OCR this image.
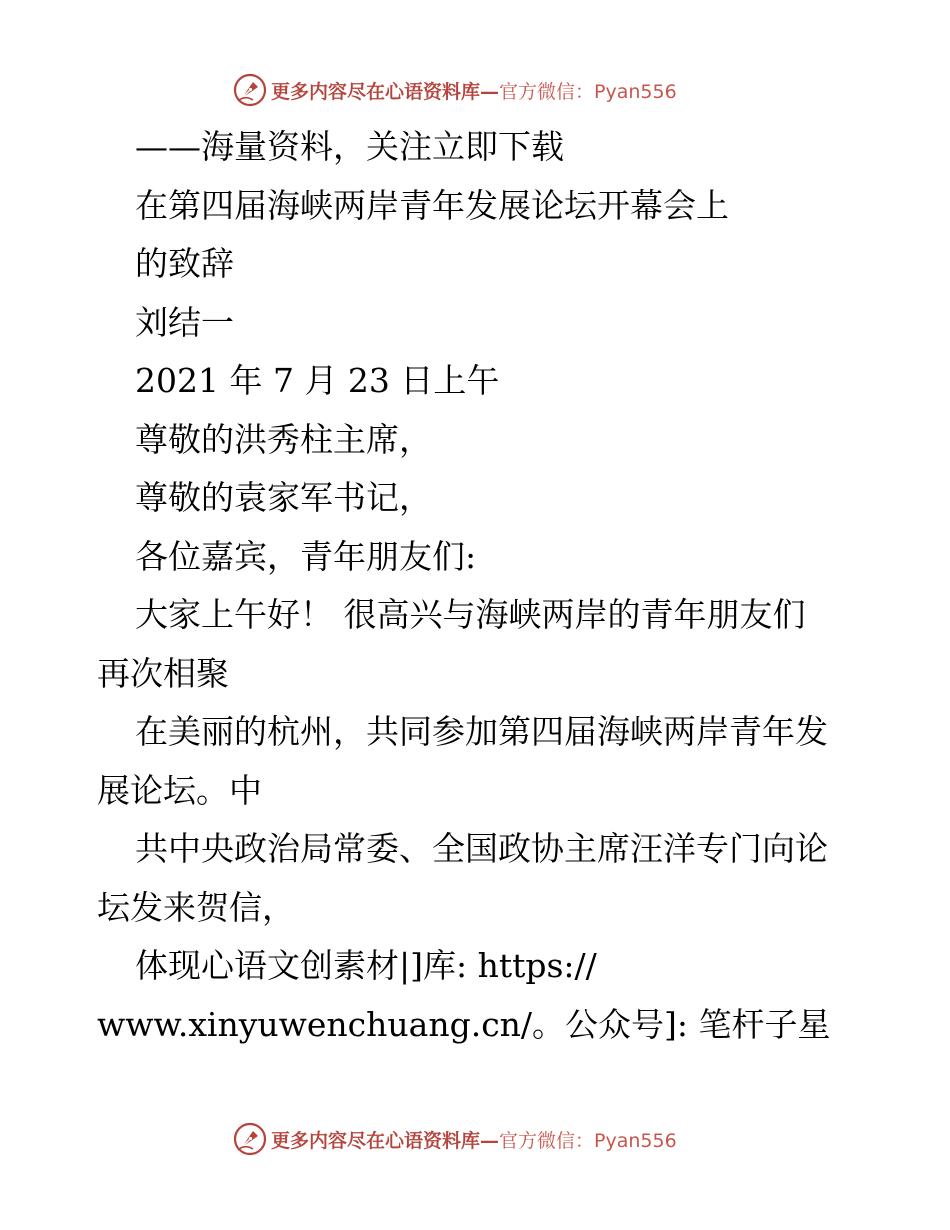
更多内容尽在心语资料库— 官方微信：Pyan556
——海量资料，关注立即下载
在第四届海峡两岸青年发展论坛开幕会上
的致辞
刘结一
2021 年 7 月 23 日上午
尊敬的洪秀柱主席，
尊敬的袁家军书记，
各位嘉宾，青年朋友们:
大家上午好！ 很高兴与海峡两岸的青年朋友们
再次相聚
在美丽的杭州，共同参加第四届海峡两岸青年发
展论坛。中
共中央政治局常委、全国政协主席汪洋专门向论
坛发来贺信，
体现心语文创素材|]库: https://
www.xinyuwenchuang.cn/。公众号]: 笔杆子星
更多内容尽在心语资料库— 官方微信：Pyan556
